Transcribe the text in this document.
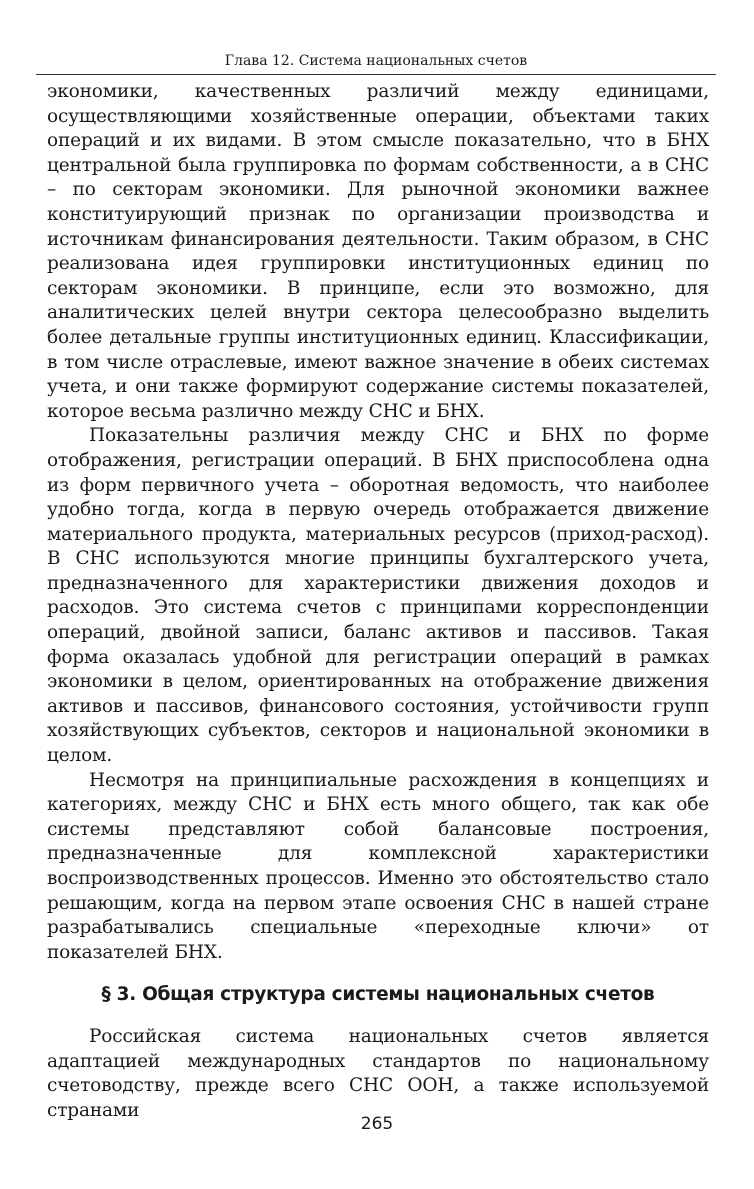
Глава 12. Система национальных счетов

экономики, качественных различий между единицами, осуществляющими хозяйственные операции, объектами таких операций и их видами. В этом смысле показательно, что в БНХ центральной была группировка по формам собственности, а в СНС – по секторам экономики. Для рыночной экономики важнее конституирующий признак по организации производства и источникам финансирования деятельности. Таким образом, в СНС реализована идея группировки институционных единиц по секторам экономики. В принципе, если это возможно, для аналитических целей внутри сектора целесообразно выделить более детальные группы институционных единиц. Классификации, в том числе отраслевые, имеют важное значение в обеих системах учета, и они также формируют содержание системы показателей, которое весьма различно между СНС и БНХ.

Показательны различия между СНС и БНХ по форме отображения, регистрации операций. В БНХ приспособлена одна из форм первичного учета – оборотная ведомость, что наиболее удобно тогда, когда в первую очередь отображается движение материального продукта, материальных ресурсов (приход-расход). В СНС используются многие принципы бухгалтерского учета, предназначенного для характеристики движения доходов и расходов. Это система счетов с принципами корреспонденции операций, двойной записи, баланс активов и пассивов. Такая форма оказалась удобной для регистрации операций в рамках экономики в целом, ориентированных на отображение движения активов и пассивов, финансового состояния, устойчивости групп хозяйствующих субъектов, секторов и национальной экономики в целом.

Несмотря на принципиальные расхождения в концепциях и категориях, между СНС и БНХ есть много общего, так как обе системы представляют собой балансовые построения, предназначенные для комплексной характеристики воспроизводственных процессов. Именно это обстоятельство стало решающим, когда на первом этапе освоения СНС в нашей стране разрабатывались специальные «переходные ключи» от показателей БНХ.

§ 3. Общая структура системы национальных счетов

Российская система национальных счетов является адаптацией международных стандартов по национальному счетоводству, прежде всего СНС ООН, а также используемой странами

265
